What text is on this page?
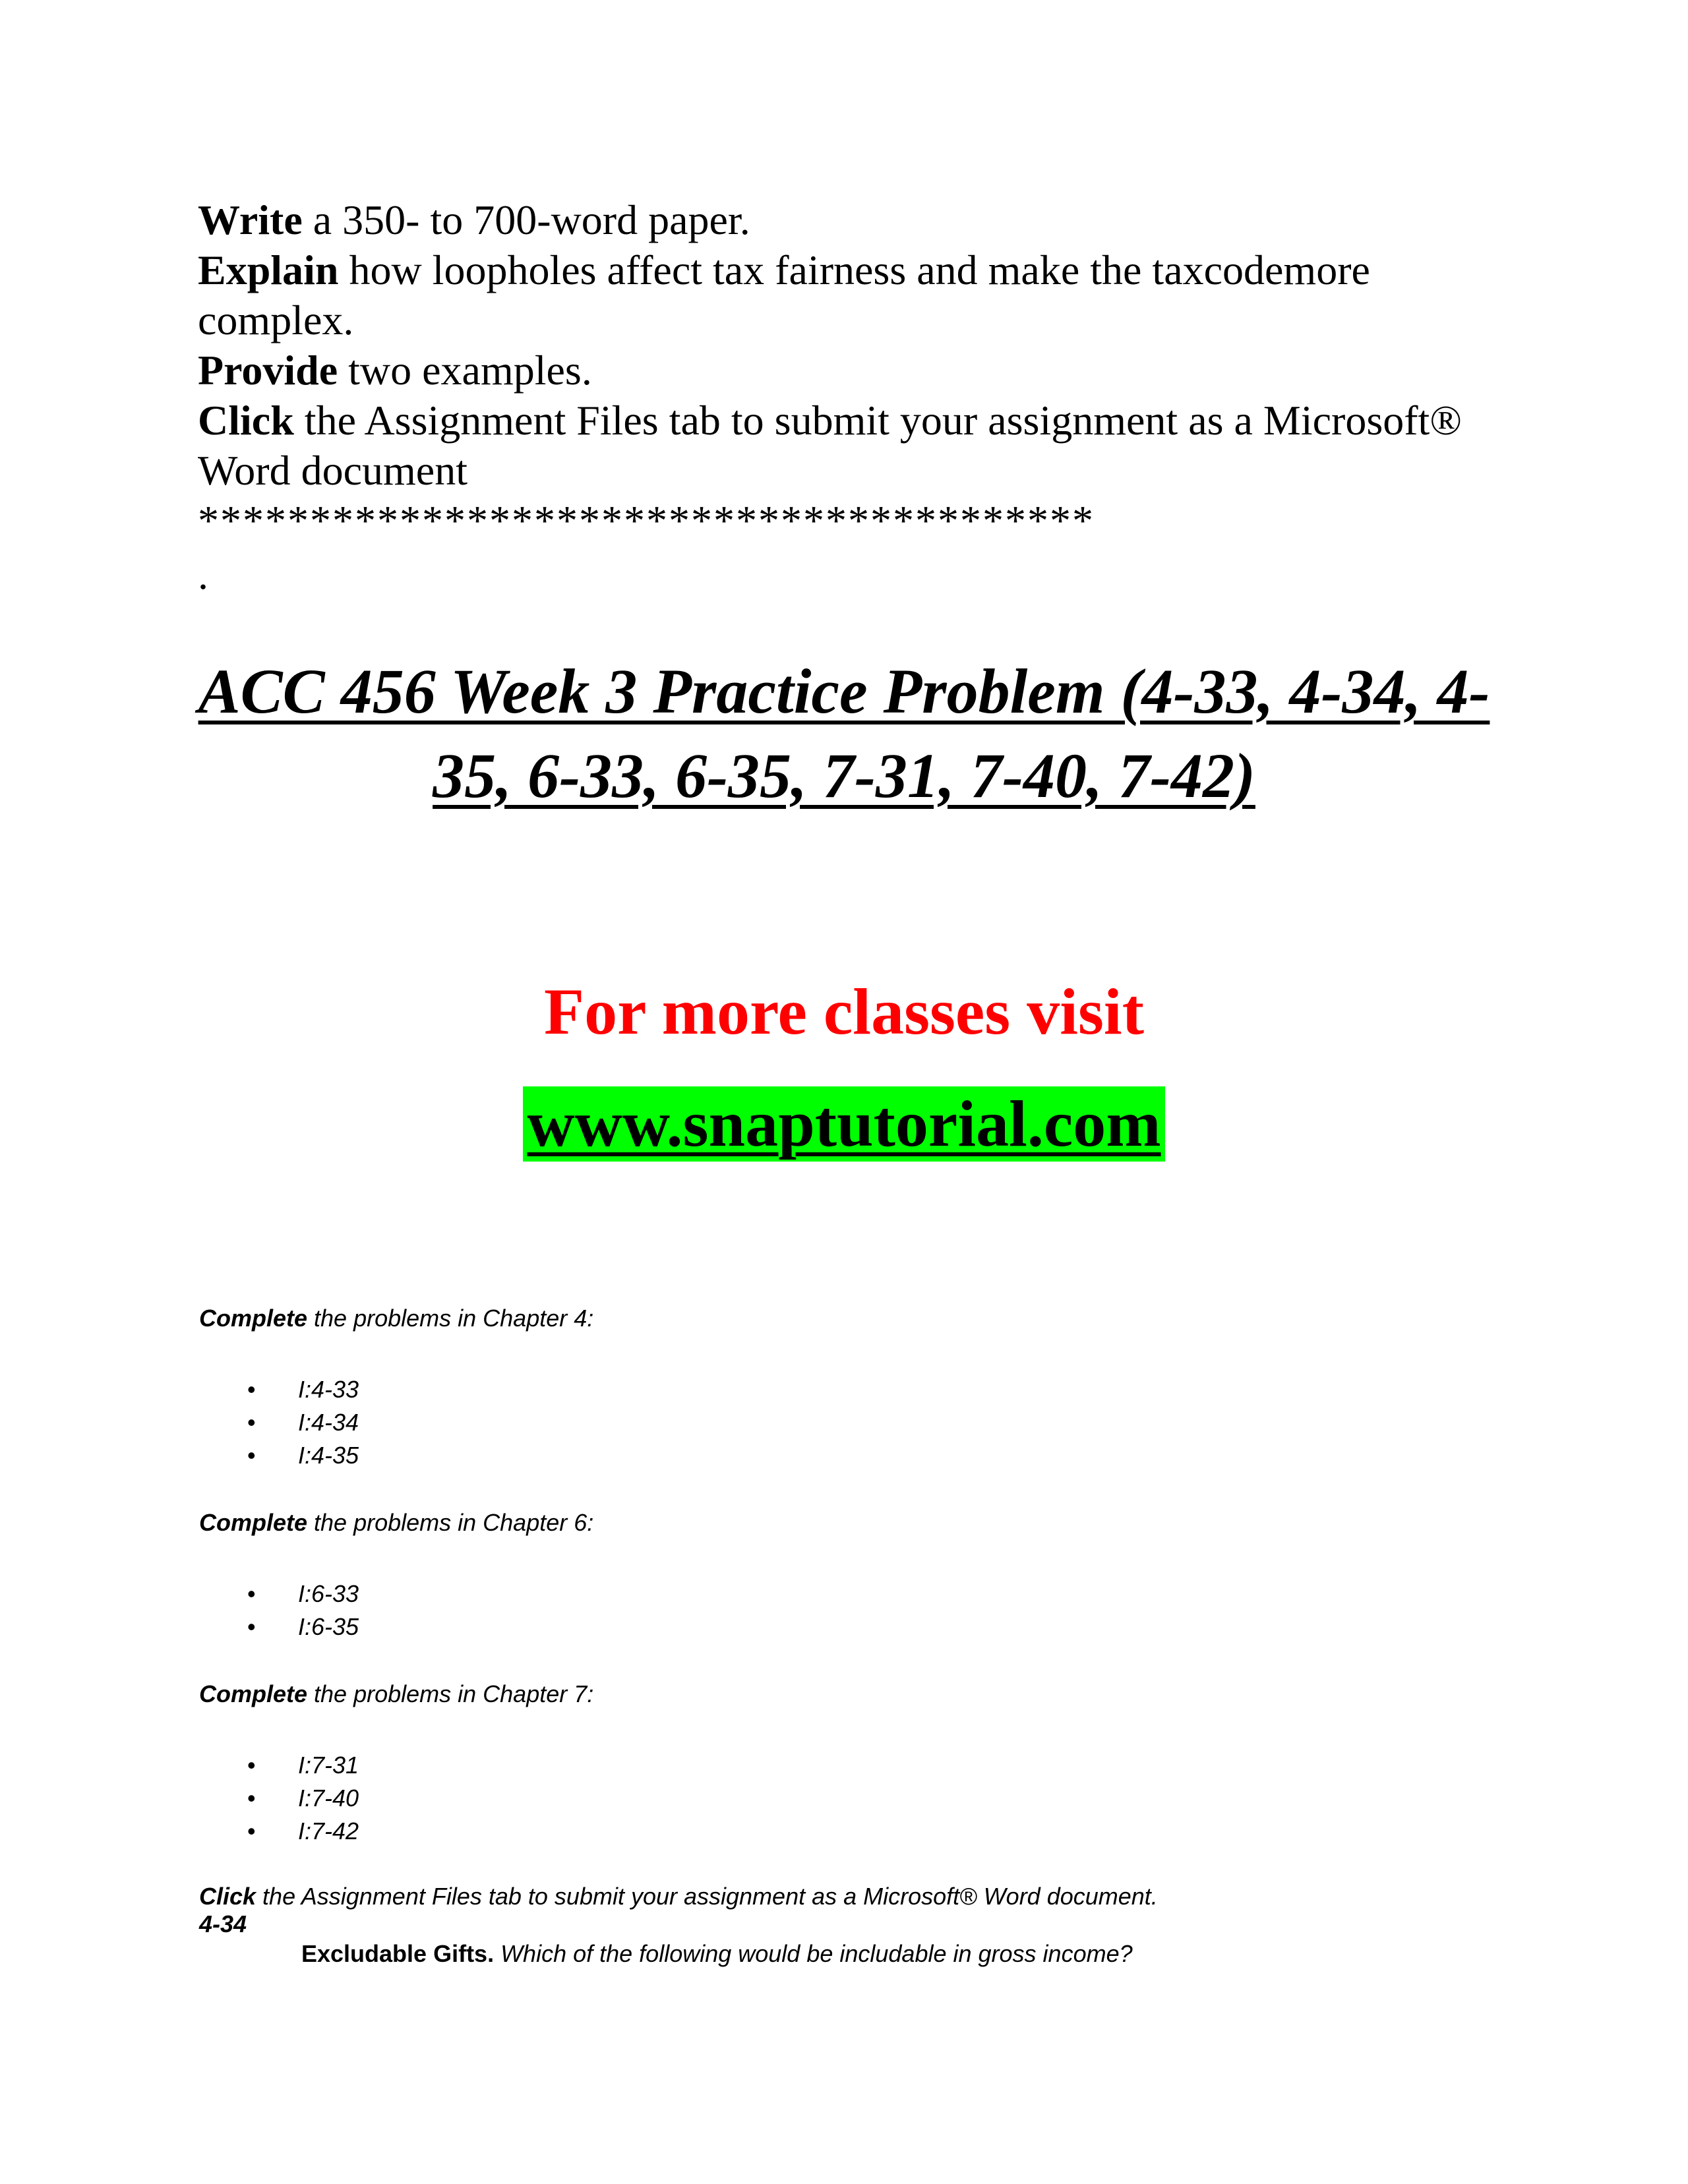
Write a 350- to 700-word paper.

Explain how loopholes affect tax fairness and make the taxcodemore complex.

Provide two examples.

Click the Assignment Files tab to submit your assignment as a Microsoft® Word document

****************************************

.

ACC 456 Week 3 Practice Problem (4-33, 4-34, 4-35, 6-33, 6-35, 7-31, 7-40, 7-42)
For more classes visit
www.snaptutorial.com

Complete the problems in Chapter 4:

• I:4-33
• I:4-34
• I:4-35

Complete the problems in Chapter 6:

• I:6-33
• I:6-35

Complete the problems in Chapter 7:

• I:7-31
• I:7-40
• I:7-42

Click the Assignment Files tab to submit your assignment as a Microsoft® Word document.

4-34

Excludable Gifts. Which of the following would be includable in gross income?
